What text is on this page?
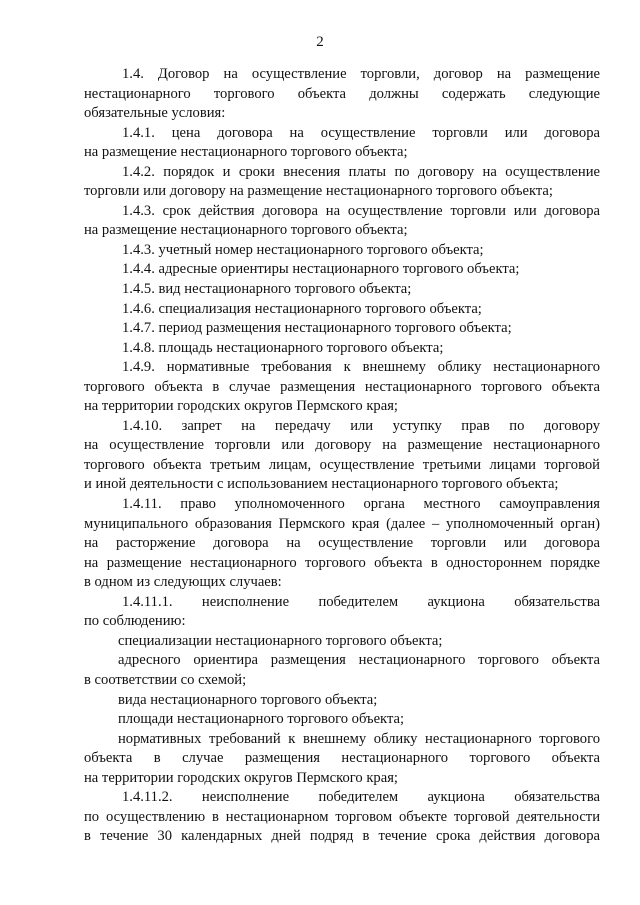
2
1.4. Договор на осуществление торговли, договор на размещение
нестационарного торгового объекта должны содержать следующие
обязательные условия:
1.4.1. цена договора на осуществление торговли или договора
на размещение нестационарного торгового объекта;
1.4.2. порядок и сроки внесения платы по договору на осуществление
торговли или договору на размещение нестационарного торгового объекта;
1.4.3. срок действия договора на осуществление торговли или договора
на размещение нестационарного торгового объекта;
1.4.3. учетный номер нестационарного торгового объекта;
1.4.4. адресные ориентиры нестационарного торгового объекта;
1.4.5. вид нестационарного торгового объекта;
1.4.6. специализация нестационарного торгового объекта;
1.4.7. период размещения нестационарного торгового объекта;
1.4.8. площадь нестационарного торгового объекта;
1.4.9. нормативные требования к внешнему облику нестационарного
торгового объекта в случае размещения нестационарного торгового объекта
на территории городских округов Пермского края;
1.4.10. запрет на передачу или уступку прав по договору
на осуществление торговли или договору на размещение нестационарного
торгового объекта третьим лицам, осуществление третьими лицами торговой
и иной деятельности с использованием нестационарного торгового объекта;
1.4.11. право уполномоченного органа местного самоуправления
муниципального образования Пермского края (далее – уполномоченный орган)
на расторжение договора на осуществление торговли или договора
на размещение нестационарного торгового объекта в одностороннем порядке
в одном из следующих случаев:
1.4.11.1. неисполнение победителем аукциона обязательства
по соблюдению:
специализации нестационарного торгового объекта;
адресного ориентира размещения нестационарного торгового объекта
в соответствии со схемой;
вида нестационарного торгового объекта;
площади нестационарного торгового объекта;
нормативных требований к внешнему облику нестационарного торгового
объекта в случае размещения нестационарного торгового объекта
на территории городских округов Пермского края;
1.4.11.2. неисполнение победителем аукциона обязательства
по осуществлению в нестационарном торговом объекте торговой деятельности
в течение 30 календарных дней подряд в течение срока действия договора
